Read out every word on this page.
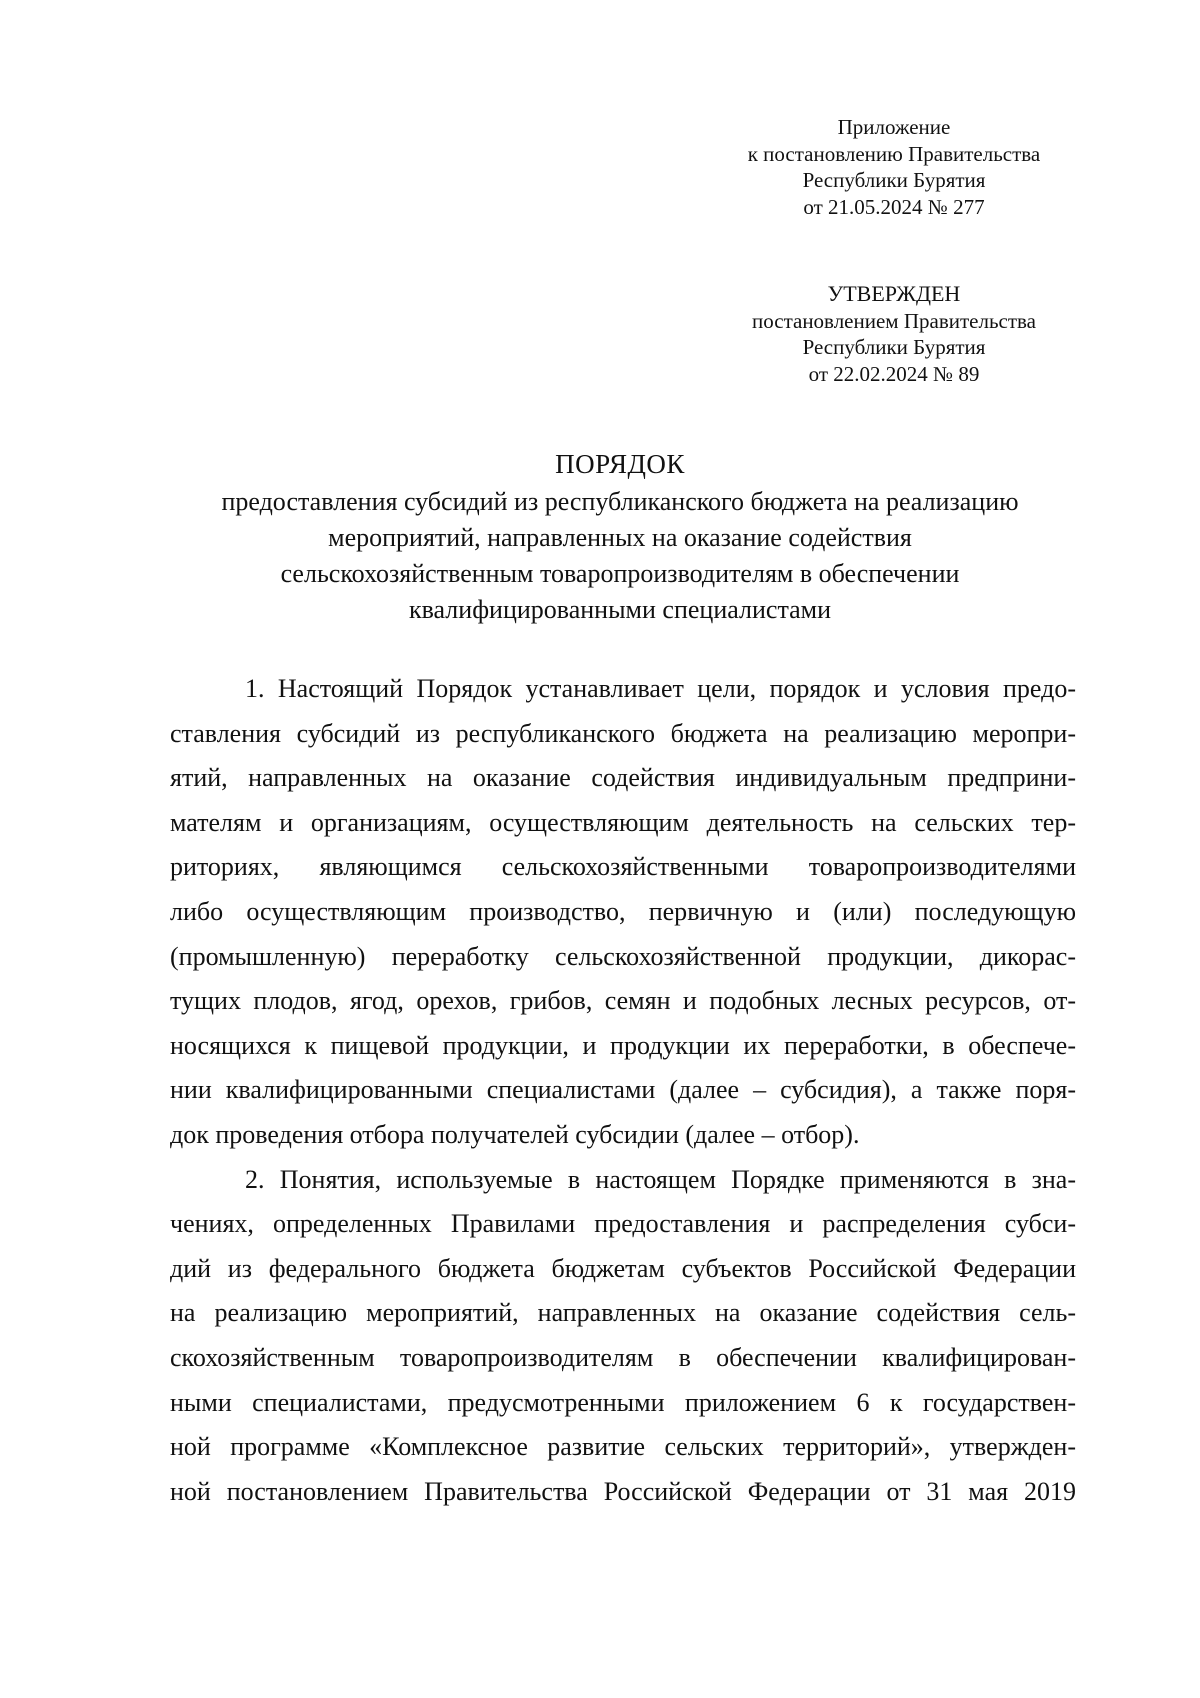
Приложение
к постановлению Правительства
Республики Бурятия
от 21.05.2024 № 277
УТВЕРЖДЕН
постановлением Правительства
Республики Бурятия
от 22.02.2024 № 89
ПОРЯДОК
предоставления субсидий из республиканского бюджета на реализацию
мероприятий, направленных на оказание содействия
сельскохозяйственным товаропроизводителям в обеспечении
квалифицированными специалистами
1. Настоящий Порядок устанавливает цели, порядок и условия предо-
ставления субсидий из республиканского бюджета на реализацию меропри-
ятий, направленных на оказание содействия индивидуальным предприни-
мателям и организациям, осуществляющим деятельность на сельских тер-
риториях, являющимся сельскохозяйственными товаропроизводителями
либо осуществляющим производство, первичную и (или) последующую
(промышленную) переработку сельскохозяйственной продукции, дикорас-
тущих плодов, ягод, орехов, грибов, семян и подобных лесных ресурсов, от-
носящихся к пищевой продукции, и продукции их переработки, в обеспече-
нии квалифицированными специалистами (далее – субсидия), а также поря-
док проведения отбора получателей субсидии (далее – отбор).
2. Понятия, используемые в настоящем Порядке применяются в зна-
чениях, определенных Правилами предоставления и распределения субси-
дий из федерального бюджета бюджетам субъектов Российской Федерации
на реализацию мероприятий, направленных на оказание содействия сель-
скохозяйственным товаропроизводителям в обеспечении квалифицирован-
ными специалистами, предусмотренными приложением 6 к государствен-
ной программе «Комплексное развитие сельских территорий», утвержден-
ной постановлением Правительства Российской Федерации от 31 мая 2019
